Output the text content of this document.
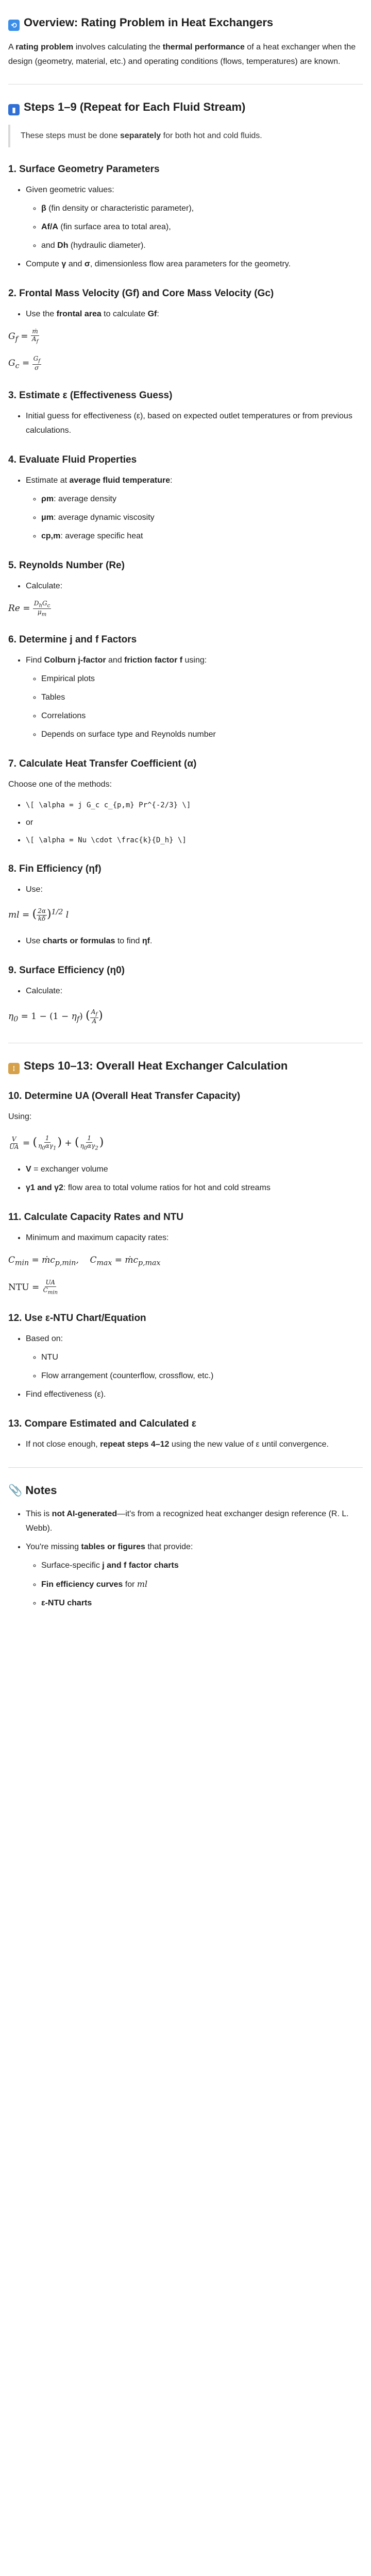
⟲ Overview: Rating Problem in Heat Exchangers

A rating problem involves calculating the thermal performance of a heat exchanger when the design (geometry, material, etc.) and operating conditions (flows, temperatures) are known.

▮ Steps 1–9 (Repeat for Each Fluid Stream)

These steps must be done separately for both hot and cold fluids.

1. Surface Geometry Parameters
• Given geometric values:
◦ β (fin density or characteristic parameter),
◦ Af/A (fin surface area to total area),
◦ and Dh (hydraulic diameter).
• Compute γ and σ, dimensionless flow area parameters for the geometry.
2. Frontal Mass Velocity (Gf) and Core Mass Velocity (Gc)
• Use the frontal area to calculate Gf:
$G_f = \frac{\text{ṁ}}{A_f}$
$G_c = \frac{G_f}{\sigma}$
3. Estimate ε (Effectiveness Guess)
• Initial guess for effectiveness (ε), based on expected outlet temperatures or from previous calculations.
4. Evaluate Fluid Properties
• Estimate at average fluid temperature:
◦ ρm: average density
◦ μm: average dynamic viscosity
◦ cp,m: average specific heat
5. Reynolds Number (Re)
• Calculate:
$Re = \frac{D_hG_c}{\mu_m}$
6. Determine j and f Factors
• Find Colburn j-factor and friction factor f using:
◦ Empirical plots
◦ Tables
◦ Correlations
◦ Depends on surface type and Reynolds number
7. Calculate Heat Transfer Coefficient (α)

Choose one of the methods:

• \[ \alpha = j G_c c_{p,m} Pr^{-2/3} \]
• or
• \[ \alpha = Nu \cdot \frac{k}{D_h} \]
8. Fin Efficiency (ηf)
• Use:
ml = ( $\frac{2\alpha}{k\delta} )^{1/2}$ l
• Use charts or formulas to find ηf.
9. Surface Efficiency (η0)
• Calculate:
$\eta_0 = 1 - (1 - \eta_f)$ ( $\frac{A_f}{A}$ )
⁞ Steps 10–13: Overall Heat Exchanger Calculation
10. Determine UA (Overall Heat Transfer Capacity)

Using:

$\frac{V}{UA}$ = ( $\frac{1}{\eta_0\alpha\gamma_1}$ ) + ( $\frac{1}{\eta_0\alpha\gamma_2}$ )
• V = exchanger volume
• γ1 and γ2: flow area to total volume ratios for hot and cold streams
11. Calculate Capacity Rates and NTU
• Minimum and maximum capacity rates:
$C_{min}$ = ṁc$_{p,min}$,    $C_{max}$ = ṁc$_{p,max}$
NTU = $\frac{UA}{C_{min}}$
12. Use ε-NTU Chart/Equation
• Based on:
◦ NTU
◦ Flow arrangement (counterflow, crossflow, etc.)
• Find effectiveness (ε).
13. Compare Estimated and Calculated ε
• If not close enough, repeat steps 4–12 using the new value of ε until convergence.
📎 Notes
• This is not AI-generated—it's from a recognized heat exchanger design reference (R. L. Webb).
• You're missing tables or figures that provide:
◦ Surface-specific j and f factor charts
◦ Fin efficiency curves for ml
◦ ε-NTU charts
